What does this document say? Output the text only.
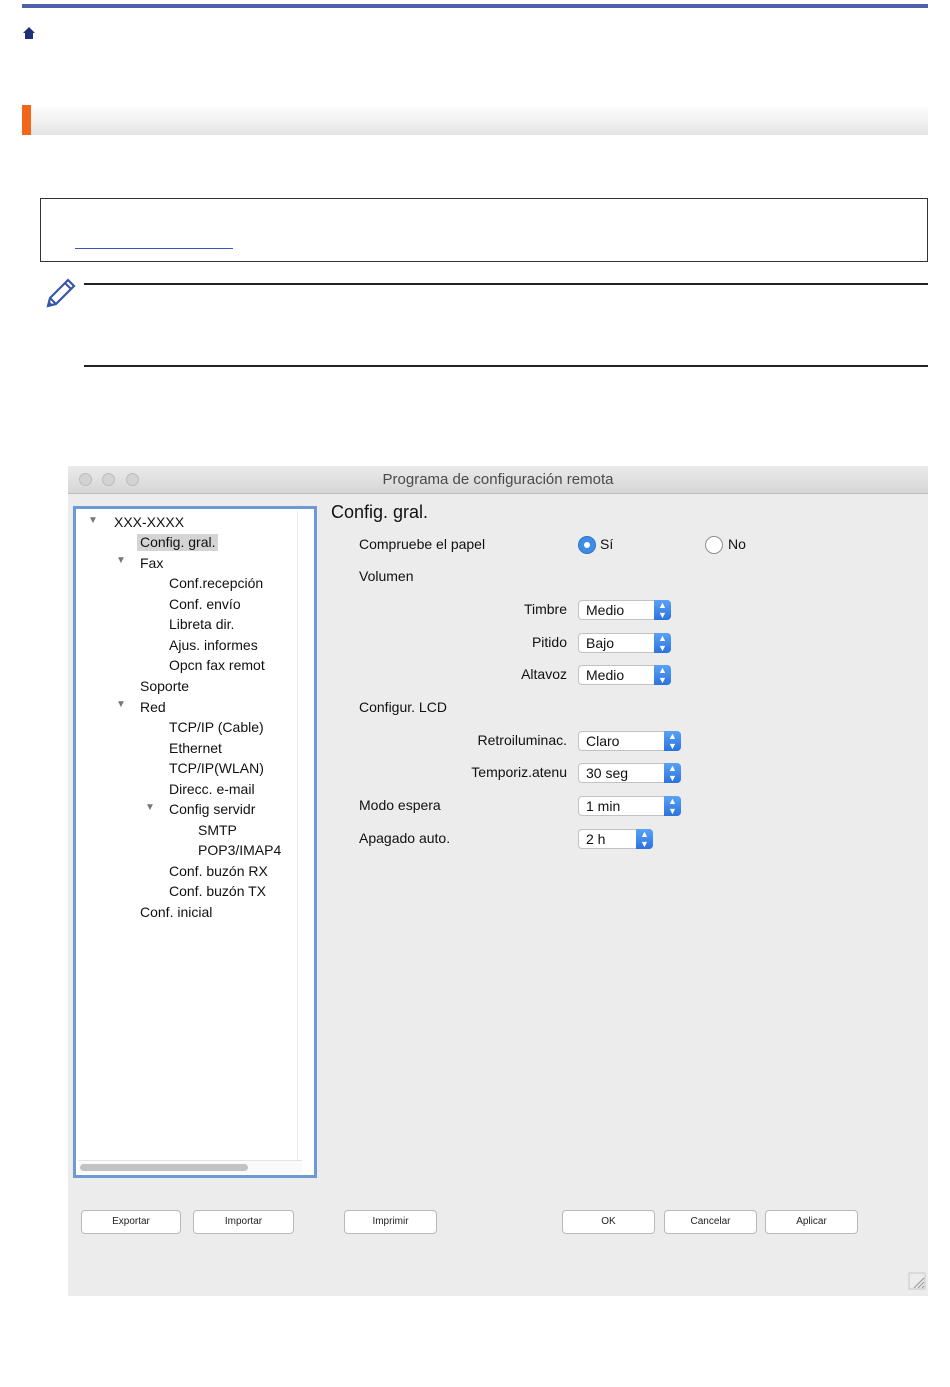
Programa de configuración remota
▼ XXX-XXXX
Config. gral.
▼ Fax
Conf.recepción
Conf. envío
Libreta dir.
Ajus. informes
Opcn fax remot
Soporte
▼ Red
TCP/IP (Cable)
Ethernet
TCP/IP(WLAN)
Direcc. e-mail
▼ Config servidr
SMTP
POP3/IMAP4
Conf. buzón RX
Conf. buzón TX
Conf. inicial
Config. gral.
Compruebe el papel	Sí	No
Volumen
Timbre Medio	▲
▼
Pitido Bajo	▲
▼
Altavoz Medio	▲
▼
Configur. LCD
Retroiluminac. Claro	▲
▼
Temporiz.atenu 30 seg	▲
▼
Modo espera	1 min	▲
▼
Apagado auto.	2 h	▲
▼
Exportar	Importar	Imprimir	OK	Cancelar	Aplicar
